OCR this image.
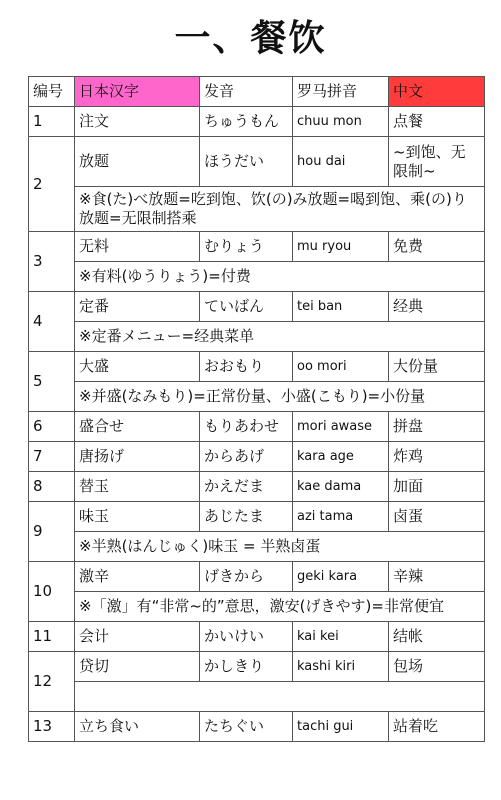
一、餐饮
编号	日本汉字	发音	罗马拼音	中文
1	注文	ちゅうもん	chuu mon	点餐
2	放题	ほうだい	hou dai	~到饱、无限制~
	※食(た)べ放题=吃到饱、饮(の)み放题=喝到饱、乘(の)り放题=无限制搭乘			
3	无料	むりょう	mu ryou	免费
	※有料(ゆうりょう)=付费			
4	定番	ていばん	tei ban	经典
	※定番メニュー=经典菜单			
5	大盛	おおもり	oo mori	大份量
	※并盛(なみもり)=正常份量、小盛(こもり)=小份量			
6	盛合せ	もりあわせ	mori awase	拼盘
7	唐扬げ	からあげ	kara age	炸鸡
8	替玉	かえだま	kae dama	加面
9	味玉	あじたま	azi tama	卤蛋
	※半熟(はんじゅく)味玉 = 半熟卤蛋			
10	激辛	げきから	geki kara	辛辣
	※「激」有“非常~的”意思，激安(げきやす)=非常便宜			
11	会计	かいけい	kai kei	结帐
12	贷切	かしきり	kashi kiri	包场

13	立ち食い	たちぐい	tachi gui	站着吃
